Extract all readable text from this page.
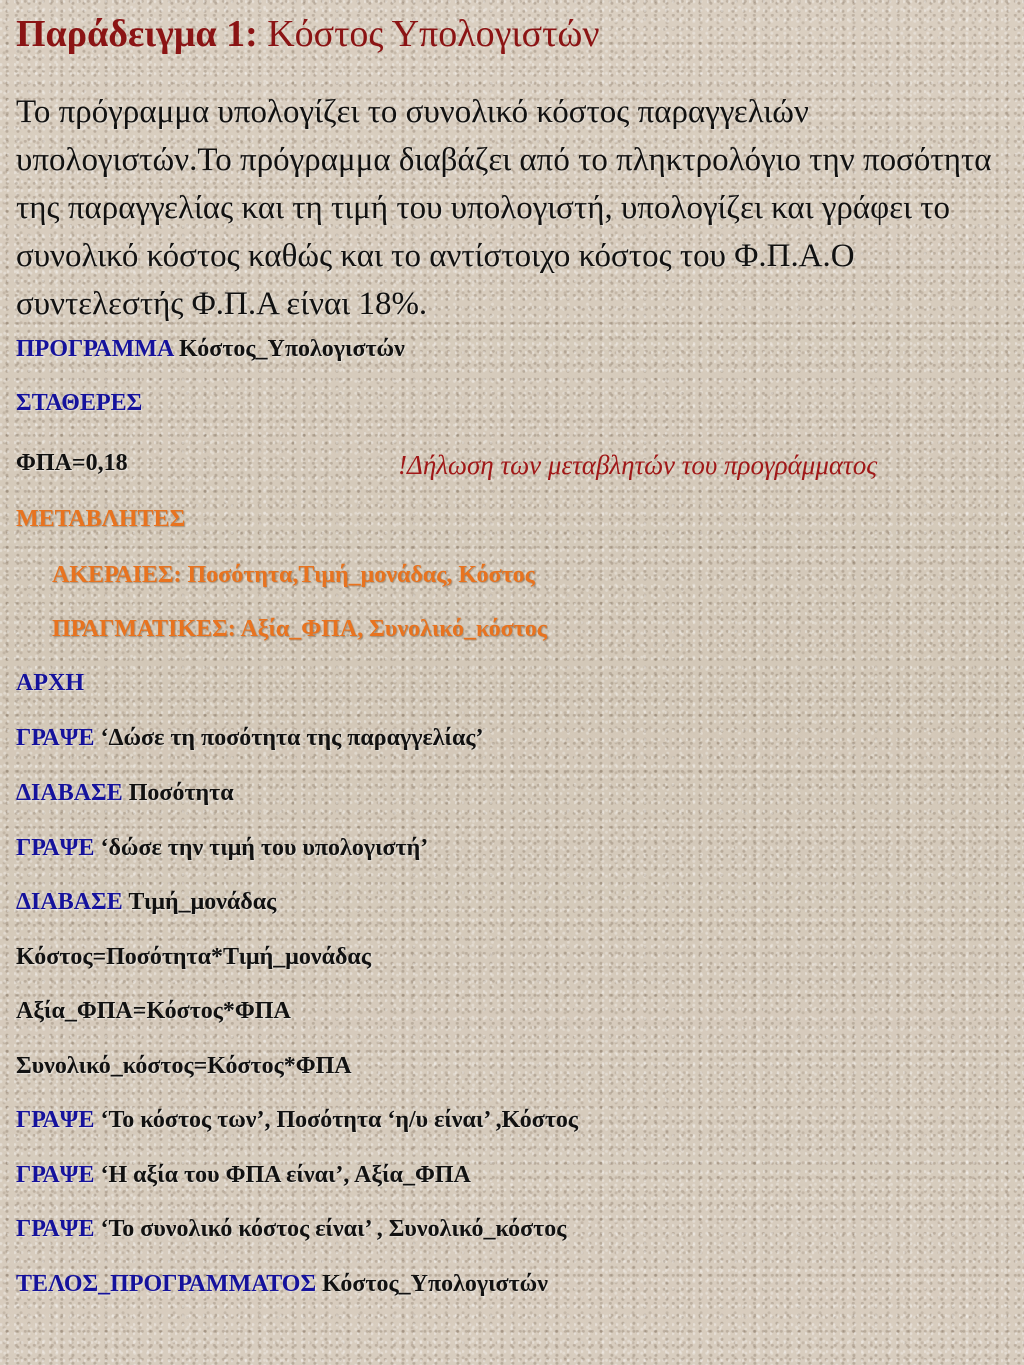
Παράδειγμα 1: Κόστος Υπολογιστών
Το πρόγραμμα υπολογίζει το συνολικό κόστος παραγγελιών υπολογιστών.Το πρόγραμμα διαβάζει από το πληκτρολόγιο την ποσότητα της παραγγελίας και τη τιμή του υπολογιστή, υπολογίζει και γράφει το συνολικό κόστος καθώς και το αντίστοιχο κόστος του Φ.Π.Α.Ο συντελεστής Φ.Π.Α είναι 18%.
ΠΡΟΓΡΑΜΜΑ Κόστος_Υπολογιστών
ΣΤΑΘΕΡΕΣ
ΦΠΑ=0,18	!Δήλωση των μεταβλητών του προγράμματος
ΜΕΤΑΒΛΗΤΕΣ
ΑΚΕΡΑΙΕΣ: Ποσότητα,Τιμή_μονάδας, Κόστος
ΠΡΑΓΜΑΤΙΚΕΣ: Αξία_ΦΠΑ, Συνολικό_κόστος
ΑΡΧΗ
ΓΡΑΨΕ ‘Δώσε τη ποσότητα της παραγγελίας’
ΔΙΑΒΑΣΕ Ποσότητα
ΓΡΑΨΕ ‘δώσε την τιμή του υπολογιστή’
ΔΙΑΒΑΣΕ Τιμή_μονάδας
Κόστος=Ποσότητα*Τιμή_μονάδας
Αξία_ΦΠΑ=Κόστος*ΦΠΑ
Συνολικό_κόστος=Κόστος*ΦΠΑ
ΓΡΑΨΕ ‘Το κόστος των’, Ποσότητα ‘η/υ είναι’ ,Κόστος
ΓΡΑΨΕ ‘Η αξία του ΦΠΑ είναι’, Αξία_ΦΠΑ
ΓΡΑΨΕ ‘Το συνολικό κόστος είναι’ , Συνολικό_κόστος
ΤΕΛΟΣ_ΠΡΟΓΡΑΜΜΑΤΟΣ Κόστος_Υπολογιστών
